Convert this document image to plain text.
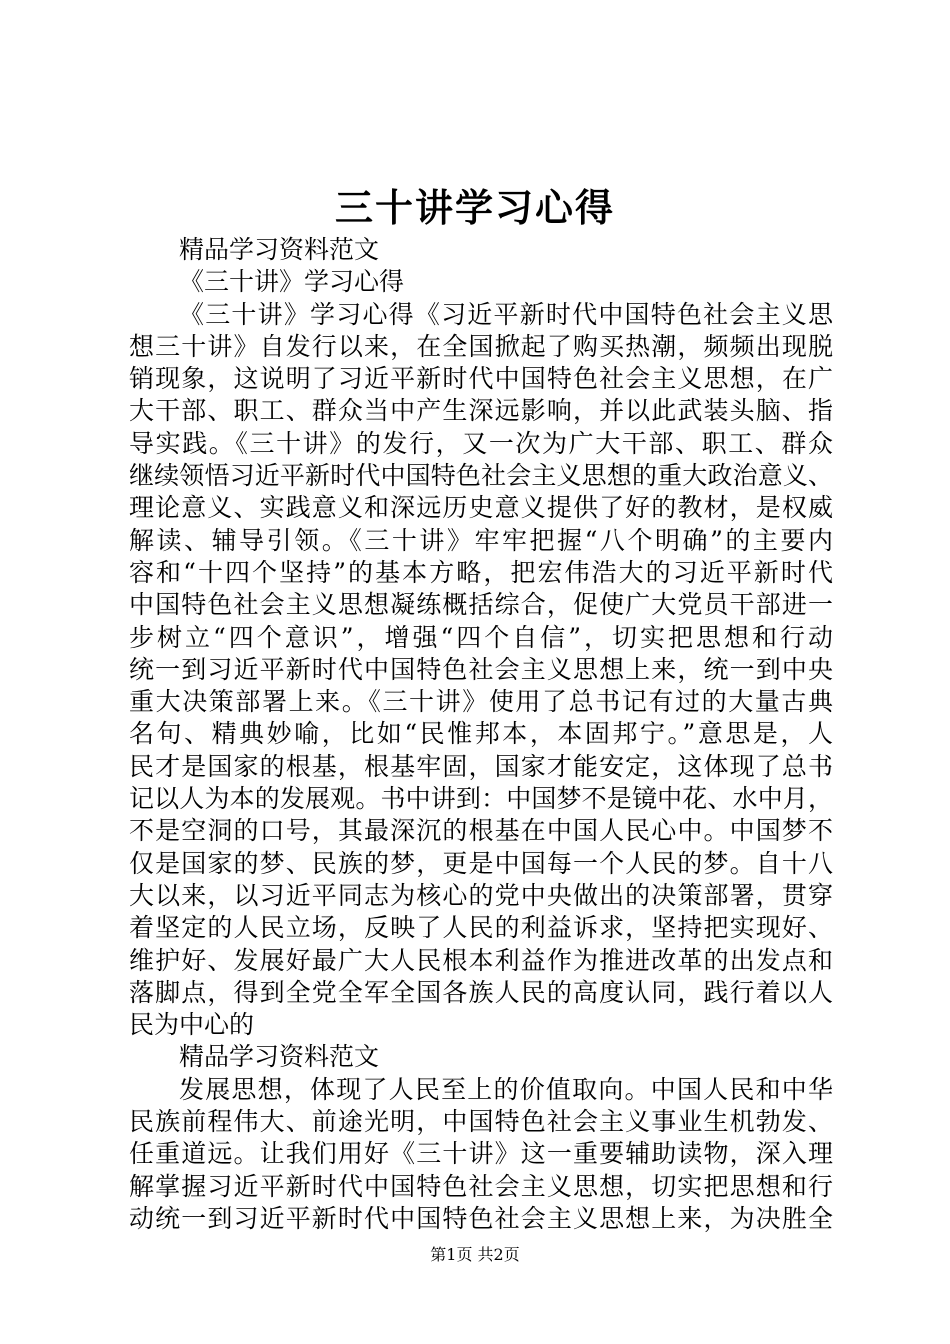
三十讲学习心得
精品学习资料范文
《三十讲》学习心得
《三十讲》学习心得《习近平新时代中国特色社会主义思
想三十讲》自发行以来，在全国掀起了购买热潮，频频出现脱
销现象，这说明了习近平新时代中国特色社会主义思想，在广
大干部、职工、群众当中产生深远影响，并以此武装头脑、指
导实践。《三十讲》的发行，又一次为广大干部、职工、群众
继续领悟习近平新时代中国特色社会主义思想的重大政治意义、
理论意义、实践意义和深远历史意义提供了好的教材，是权威
解读、辅导引领。《三十讲》牢牢把握“八个明确”的主要内
容和“十四个坚持”的基本方略，把宏伟浩大的习近平新时代
中国特色社会主义思想凝练概括综合，促使广大党员干部进一
步树立“四个意识”，增强“四个自信”，切实把思想和行动
统一到习近平新时代中国特色社会主义思想上来，统一到中央
重大决策部署上来。《三十讲》使用了总书记有过的大量古典
名句、精典妙喻，比如“民惟邦本，本固邦宁。”意思是，人
民才是国家的根基，根基牢固，国家才能安定，这体现了总书
记以人为本的发展观。书中讲到：中国梦不是镜中花、水中月，
不是空洞的口号，其最深沉的根基在中国人民心中。中国梦不
仅是国家的梦、民族的梦，更是中国每一个人民的梦。自十八
大以来，以习近平同志为核心的党中央做出的决策部署，贯穿
着坚定的人民立场，反映了人民的利益诉求，坚持把实现好、
维护好、发展好最广大人民根本利益作为推进改革的出发点和
落脚点，得到全党全军全国各族人民的高度认同，践行着以人
民为中心的
精品学习资料范文
发展思想，体现了人民至上的价值取向。中国人民和中华
民族前程伟大、前途光明，中国特色社会主义事业生机勃发、
任重道远。让我们用好《三十讲》这一重要辅助读物，深入理
解掌握习近平新时代中国特色社会主义思想，切实把思想和行
动统一到习近平新时代中国特色社会主义思想上来，为决胜全
第1页 共2页
